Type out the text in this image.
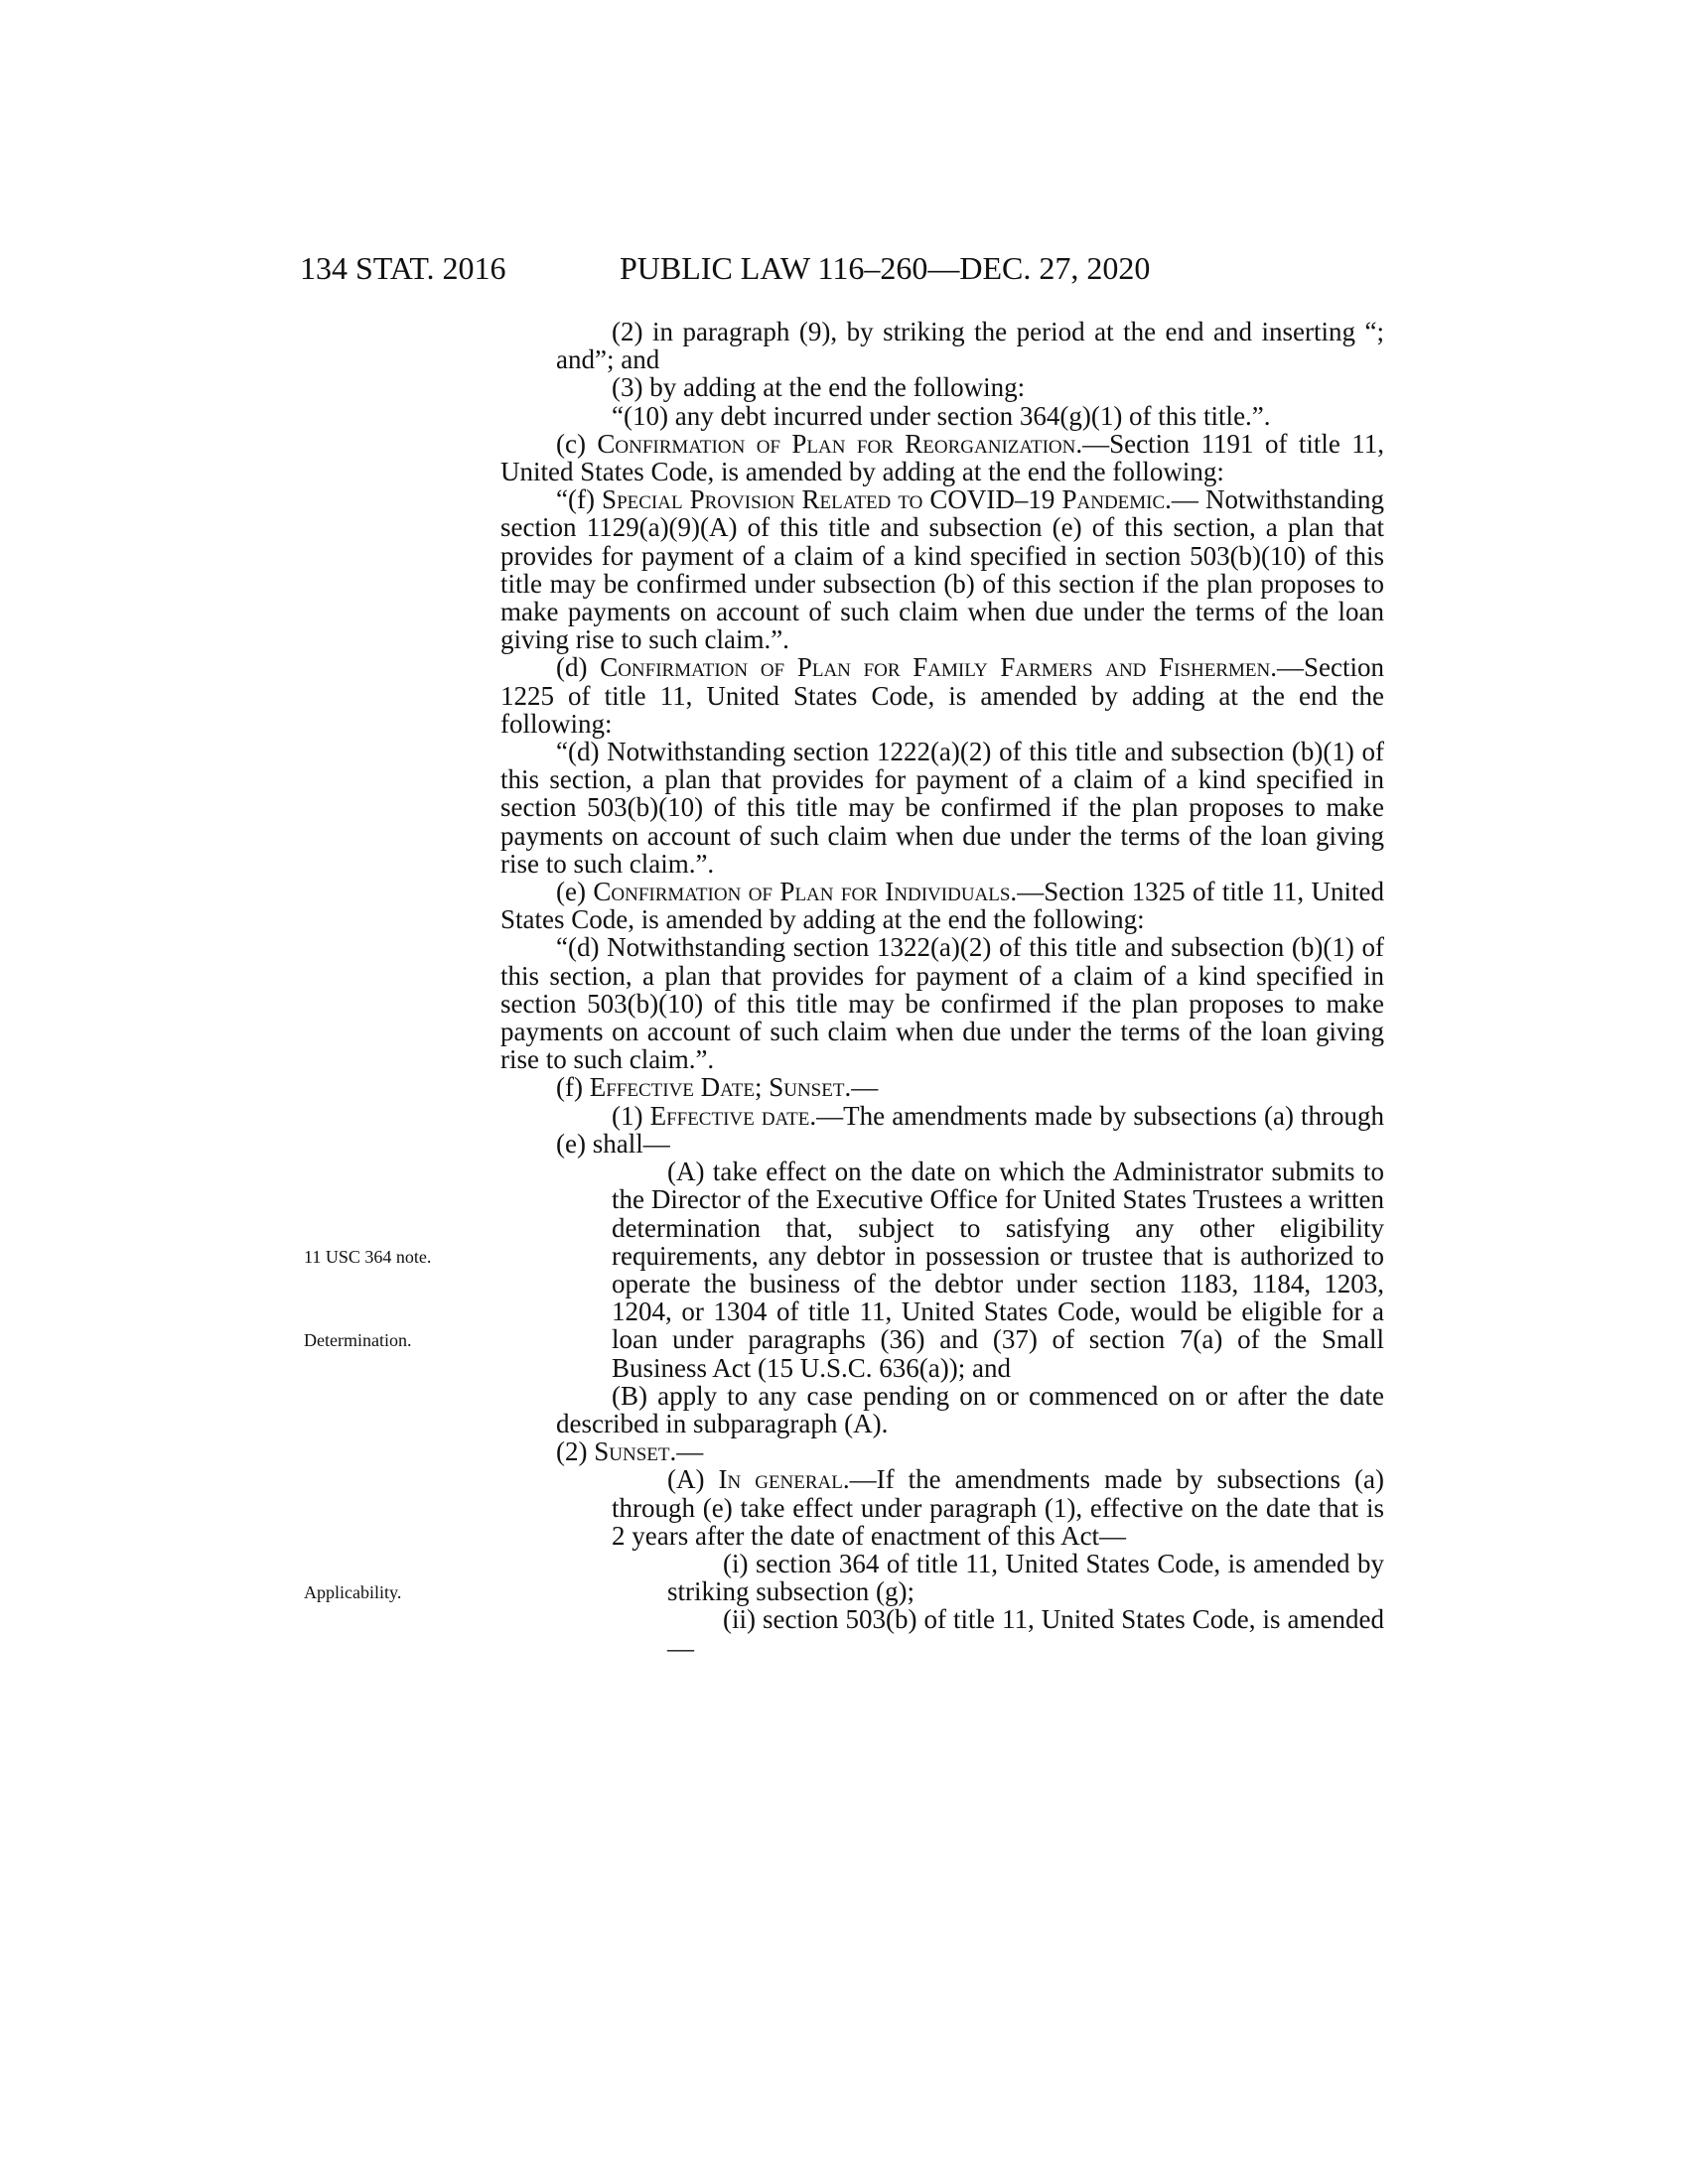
134 STAT. 2016	PUBLIC LAW 116–260—DEC. 27, 2020
11 USC 364 note.
Determination.
Applicability.

(2) in paragraph (9), by striking the period at the end and inserting “; and”; and

(3) by adding at the end the following:

“(10) any debt incurred under section 364(g)(1) of this title.”.

(c) Confirmation of Plan for Reorganization.—Section 1191 of title 11, United States Code, is amended by adding at the end the following:

“(f) Special Provision Related to COVID–19 Pandemic.— Notwithstanding section 1129(a)(9)(A) of this title and subsection (e) of this section, a plan that provides for payment of a claim of a kind specified in section 503(b)(10) of this title may be confirmed under subsection (b) of this section if the plan proposes to make payments on account of such claim when due under the terms of the loan giving rise to such claim.”.

(d) Confirmation of Plan for Family Farmers and Fishermen.—Section 1225 of title 11, United States Code, is amended by adding at the end the following:

“(d) Notwithstanding section 1222(a)(2) of this title and subsection (b)(1) of this section, a plan that provides for payment of a claim of a kind specified in section 503(b)(10) of this title may be confirmed if the plan proposes to make payments on account of such claim when due under the terms of the loan giving rise to such claim.”.

(e) Confirmation of Plan for Individuals.—Section 1325 of title 11, United States Code, is amended by adding at the end the following:

“(d) Notwithstanding section 1322(a)(2) of this title and subsection (b)(1) of this section, a plan that provides for payment of a claim of a kind specified in section 503(b)(10) of this title may be confirmed if the plan proposes to make payments on account of such claim when due under the terms of the loan giving rise to such claim.”.

(f) Effective Date; Sunset.—

(1) Effective date.—The amendments made by subsections (a) through (e) shall—

(A) take effect on the date on which the Administrator submits to the Director of the Executive Office for United States Trustees a written determination that, subject to satisfying any other eligibility requirements, any debtor in possession or trustee that is authorized to operate the business of the debtor under section 1183, 1184, 1203, 1204, or 1304 of title 11, United States Code, would be eligible for a loan under paragraphs (36) and (37) of section 7(a) of the Small Business Act (15 U.S.C. 636(a)); and

(B) apply to any case pending on or commenced on or after the date described in subparagraph (A).

(2) Sunset.—

(A) In general.—If the amendments made by subsections (a) through (e) take effect under paragraph (1), effective on the date that is 2 years after the date of enactment of this Act—

(i) section 364 of title 11, United States Code, is amended by striking subsection (g);

(ii) section 503(b) of title 11, United States Code, is amended—
